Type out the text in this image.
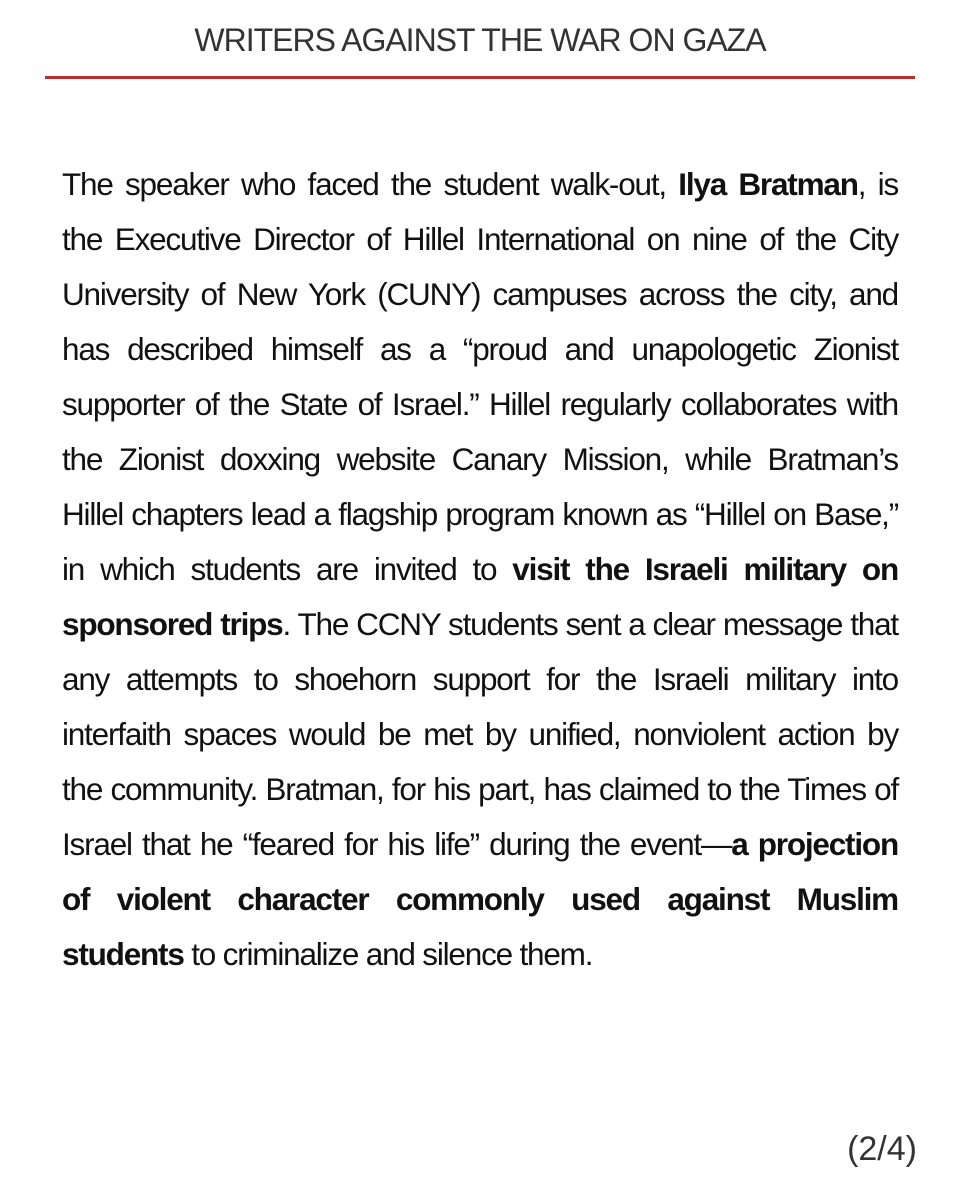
WRITERS AGAINST THE WAR ON GAZA

The speaker who faced the student walk-out, Ilya Bratman, is the Executive Director of Hillel International on nine of the City University of New York (CUNY) campuses across the city, and has described himself as a “proud and unapologetic Zionist supporter of the State of Israel.” Hillel regularly collaborates with the Zionist doxxing website Canary Mission, while Bratman’s Hillel chapters lead a flagship program known as “Hillel on Base,” in which students are invited to visit the Israeli military on sponsored trips. The CCNY students sent a clear message that any attempts to shoehorn support for the Israeli military into interfaith spaces would be met by unified, nonviolent action by the community. Bratman, for his part, has claimed to the Times of Israel that he “feared for his life” during the event—a projection of violent character commonly used against Muslim students to criminalize and silence them.

(2/4)
